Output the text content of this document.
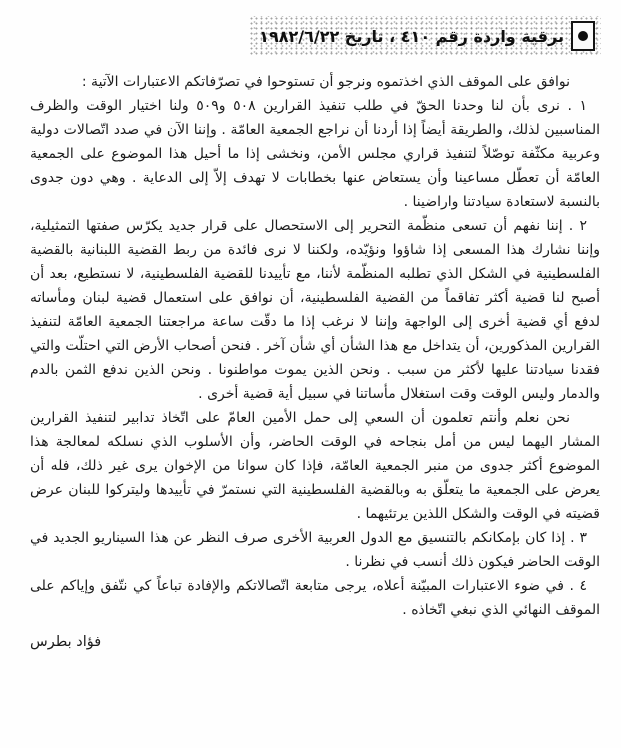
برقية واردة رقم ٤١٠ ، تاريخ ١٩٨٢/٦/٢٢

نوافق على الموقف الذي اخذتموه ونرجو أن تستوحوا في تصرّفاتكم الاعتبارات الآتية :

١ . نرى بأن لنا وحدنا الحقّ في طلب تنفيذ القرارين ٥٠٨ و٥٠٩ ولنا اختيار الوقت والظرف المناسبين لذلك، والطريقة أيضاً إذا أردنا أن نراجع الجمعية العامّة . وإننا الآن في صدد اتّصالات دولية وعربية مكثّفة توصّلاً لتنفيذ قراري مجلس الأمن، ونخشى إذا ما أحيل هذا الموضوع على الجمعية العامّة أن تعطّل مساعينا وأن يستعاض عنها بخطابات لا تهدف إلاّ إلى الدعاية . وهي دون جدوى بالنسبة لاستعادة سيادتنا واراضينا .

٢ . إننا نفهم أن تسعى منظّمة التحرير إلى الاستحصال على قرار جديد يكرّس صفتها التمثيلية، وإننا نشارك هذا المسعى إذا شاؤوا ونؤيّده، ولكننا لا نرى فائدة من ربط القضية اللبنانية بالقضية الفلسطينية في الشكل الذي تطلبه المنظّمة لأننا، مع تأييدنا للقضية الفلسطينية، لا نستطيع، بعد أن أصبح لنا قضية أكثر تفاقماً من القضية الفلسطينية، أن نوافق على استعمال قضية لبنان ومأساته لدفع أي قضية أخرى إلى الواجهة وإننا لا نرغب إذا ما دقّت ساعة مراجعتنا الجمعية العامّة لتنفيذ القرارين المذكورين، أن يتداخل مع هذا الشأن أي شأن آخر . فنحن أصحاب الأرض التي احتلّت والتي فقدنا سيادتنا عليها لأكثر من سبب . ونحن الذين يموت مواطنونا . ونحن الذين ندفع الثمن بالدم والدمار وليس الوقت وقت استغلال مأساتنا في سبيل أية قضية أخرى .

نحن نعلم وأنتم تعلمون أن السعي إلى حمل الأمين العامّ على اتّخاذ تدابير لتنفيذ القرارين المشار اليهما ليس من أمل بنجاحه في الوقت الحاضر، وأن الأسلوب الذي نسلكه لمعالجة هذا الموضوع أكثر جدوى من منبر الجمعية العامّة، فإذا كان سوانا من الإخوان يرى غير ذلك، فله أن يعرض على الجمعية ما يتعلّق به وبالقضية الفلسطينية التي نستمرّ في تأييدها وليتركوا للبنان عرض قضيته في الوقت والشكل اللذين يرتئيهما .

٣ . إذا كان بإمكانكم بالتنسيق مع الدول العربية الأخرى صرف النظر عن هذا السيناريو الجديد في الوقت الحاضر فيكون ذلك أنسب في نظرنا .

٤ . في ضوء الاعتبارات المبيّنة أعلاه، يرجى متابعة اتّصالاتكم والإفادة تباعاً كي نتّفق وإياكم على الموقف النهائي الذي نبغي اتّخاذه .

فؤاد بطرس
